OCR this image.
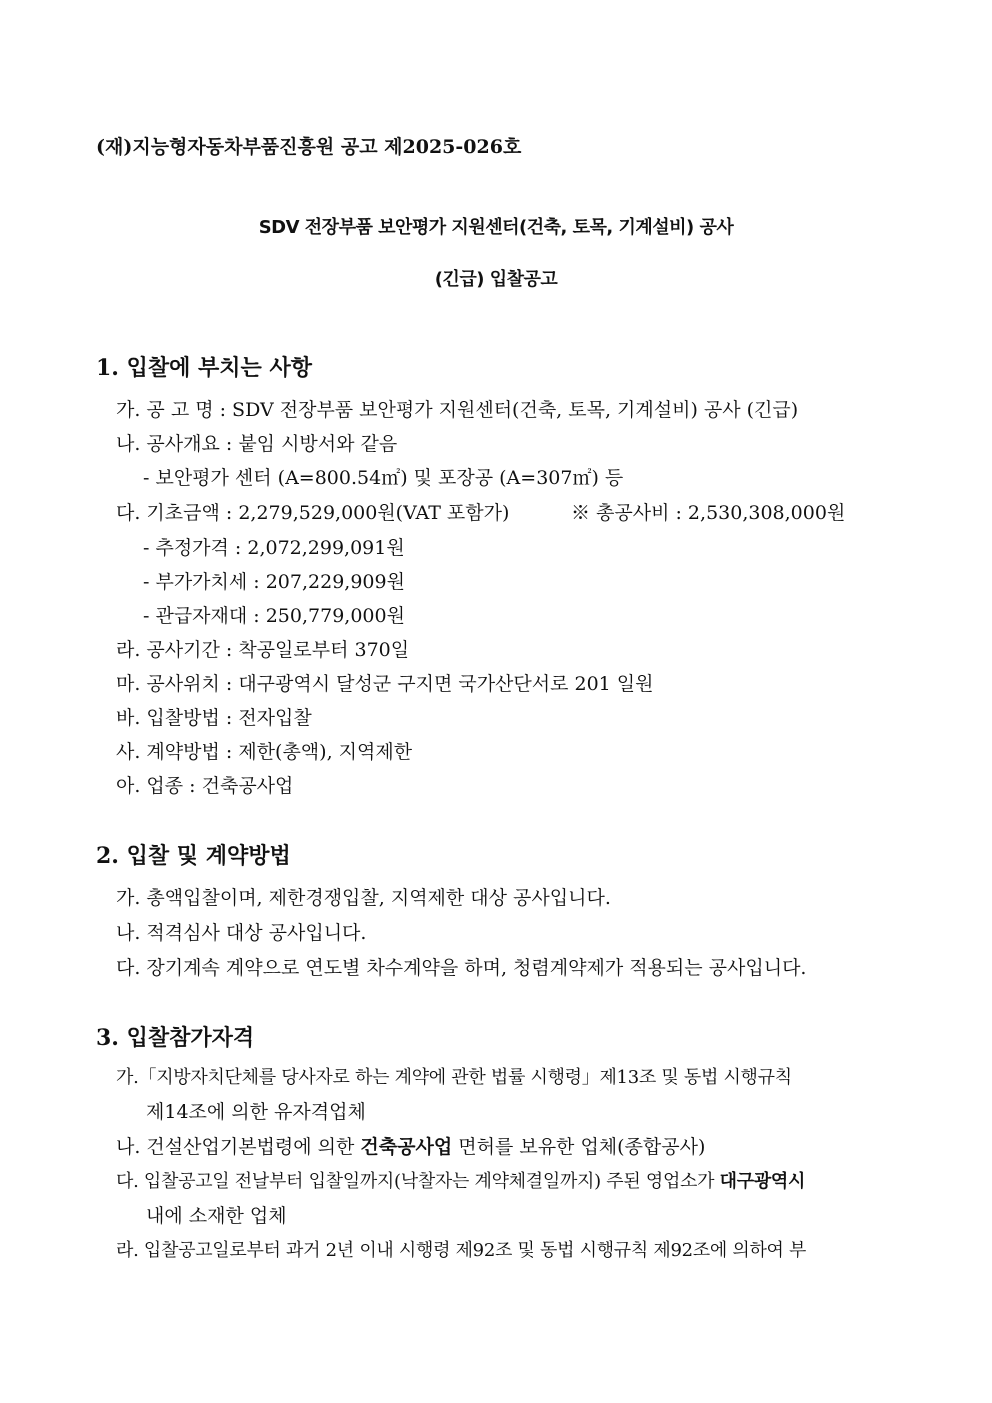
(재)지능형자동차부품진흥원 공고 제2025-026호
SDV 전장부품 보안평가 지원센터(건축, 토목, 기계설비) 공사
(긴급) 입찰공고
1. 입찰에 부치는 사항
가. 공 고 명 : SDV 전장부품 보안평가 지원센터(건축, 토목, 기계설비) 공사 (긴급)
나. 공사개요 : 붙임 시방서와 같음
- 보안평가 센터 (A=800.54㎡) 및 포장공 (A=307㎡) 등
다. 기초금액 : 2,279,529,000원(VAT 포함가)	※ 총공사비 : 2,530,308,000원
- 추정가격 : 2,072,299,091원
- 부가가치세 : 207,229,909원
- 관급자재대 : 250,779,000원
라. 공사기간 : 착공일로부터 370일
마. 공사위치 : 대구광역시 달성군 구지면 국가산단서로 201 일원
바. 입찰방법 : 전자입찰
사. 계약방법 : 제한(총액), 지역제한
아. 업종 : 건축공사업
2. 입찰 및 계약방법
가. 총액입찰이며, 제한경쟁입찰, 지역제한 대상 공사입니다.
나. 적격심사 대상 공사입니다.
다. 장기계속 계약으로 연도별 차수계약을 하며, 청렴계약제가 적용되는 공사입니다.
3. 입찰참가자격
가.「지방자치단체를 당사자로 하는 계약에 관한 법률 시행령」제13조 및 동법 시행규칙
제14조에 의한 유자격업체
나. 건설산업기본법령에 의한 건축공사업 면허를 보유한 업체(종합공사)
다. 입찰공고일 전날부터 입찰일까지(낙찰자는 계약체결일까지) 주된 영업소가 대구광역시
내에 소재한 업체
라. 입찰공고일로부터 과거 2년 이내 시행령 제92조 및 동법 시행규칙 제92조에 의하여 부
